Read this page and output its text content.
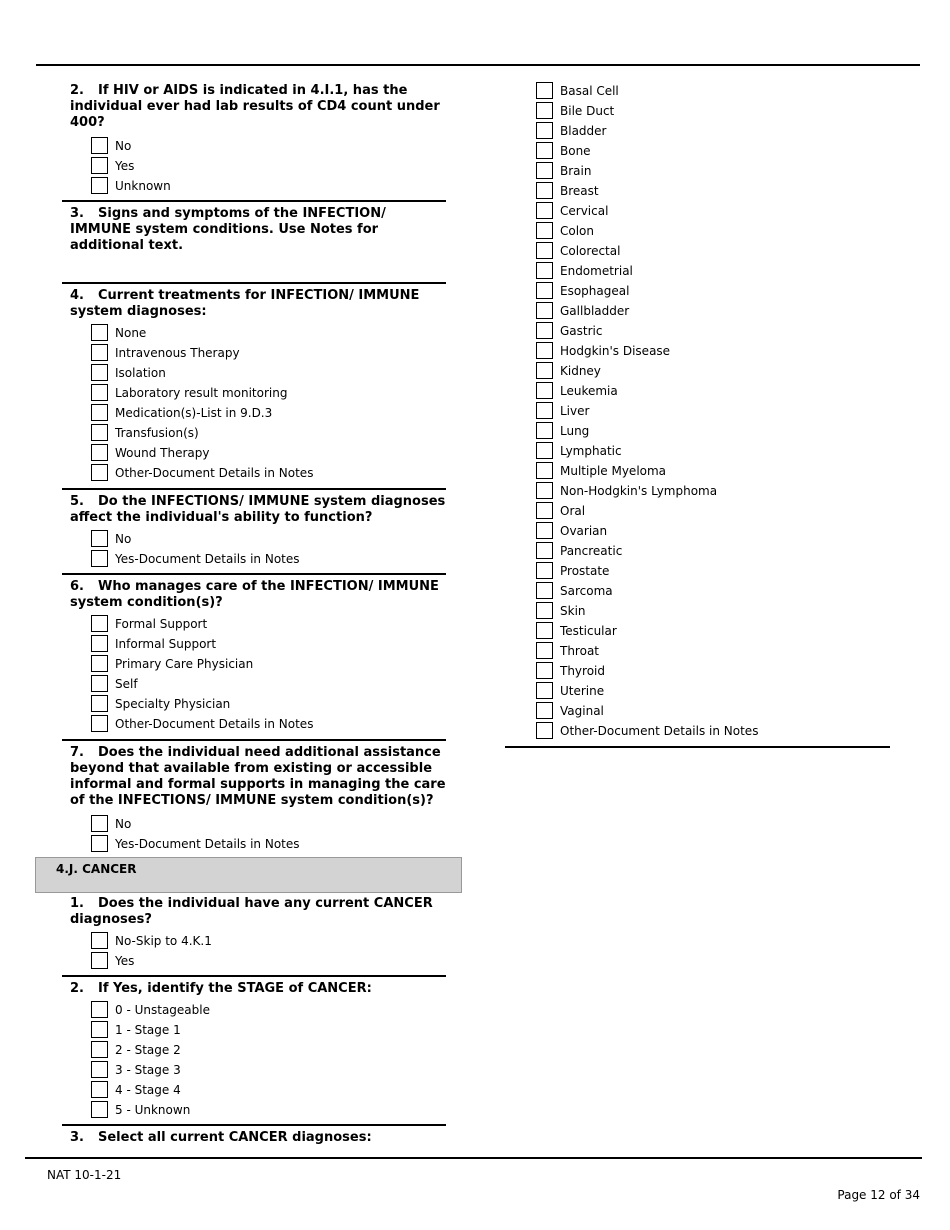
2. If HIV or AIDS is indicated in 4.I.1, has the individual ever had lab results of CD4 count under 400?
No
Yes
Unknown
3. Signs and symptoms of the INFECTION/ IMMUNE system conditions. Use Notes for additional text.
4. Current treatments for INFECTION/ IMMUNE system diagnoses:
None
Intravenous Therapy
Isolation
Laboratory result monitoring
Medication(s)-List in 9.D.3
Transfusion(s)
Wound Therapy
Other-Document Details in Notes
5. Do the INFECTIONS/ IMMUNE system diagnoses affect the individual's ability to function?
No
Yes-Document Details in Notes
6. Who manages care of the INFECTION/ IMMUNE system condition(s)?
Formal Support
Informal Support
Primary Care Physician
Self
Specialty Physician
Other-Document Details in Notes
7. Does the individual need additional assistance beyond that available from existing or accessible informal and formal supports in managing the care of the INFECTIONS/ IMMUNE system condition(s)?
No
Yes-Document Details in Notes
1. Does the individual have any current CANCER diagnoses?
No-Skip to 4.K.1
Yes
2. If Yes, identify the STAGE of CANCER:
0 - Unstageable
1 - Stage 1
2 - Stage 2
3 - Stage 3
4 - Stage 4
5 - Unknown
3. Select all current CANCER diagnoses:
4.J. CANCER
Basal Cell
Bile Duct
Bladder
Bone
Brain
Breast
Cervical
Colon
Colorectal
Endometrial
Esophageal
Gallbladder
Gastric
Hodgkin's Disease
Kidney
Leukemia
Liver
Lung
Lymphatic
Multiple Myeloma
Non-Hodgkin's Lymphoma
Oral
Ovarian
Pancreatic
Prostate
Sarcoma
Skin
Testicular
Throat
Thyroid
Uterine
Vaginal
Other-Document Details in Notes
NAT 10-1-21
Page 12 of 34
